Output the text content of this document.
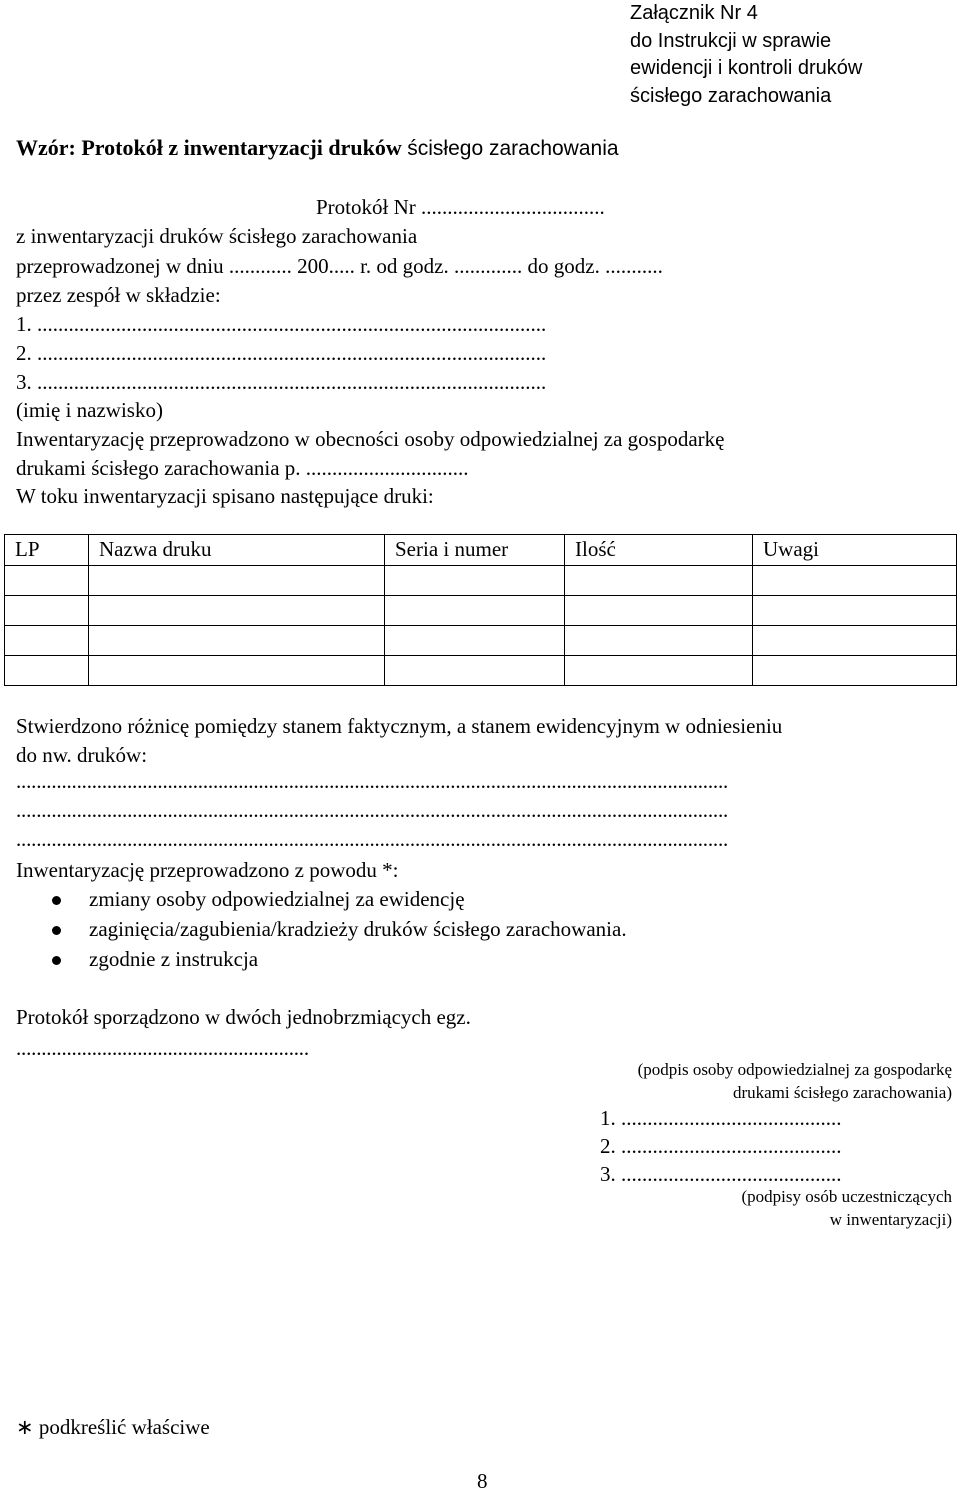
Załącznik Nr 4
do Instrukcji w sprawie
ewidencji i kontroli druków
ścisłego zarachowania
Wzór: Protokół z inwentaryzacji druków ścisłego zarachowania
Protokół Nr ...................................
z inwentaryzacji druków ścisłego zarachowania
przeprowadzonej w dniu ............ 200..... r. od godz. ............. do godz. ...........
przez zespół w składzie:
1. .................................................................................................
2. .................................................................................................
3. .................................................................................................
(imię i nazwisko)
Inwentaryzację przeprowadzono w obecności osoby odpowiedzialnej za gospodarkę
drukami ścisłego zarachowania p. ...............................
W toku inwentaryzacji spisano następujące druki:
LP	Nazwa druku	Seria i numer	Ilość	Uwagi

Stwierdzono różnicę pomiędzy stanem faktycznym, a stanem ewidencyjnym w odniesieniu
do nw. druków:
.............................................................................................................................................
.............................................................................................................................................
.............................................................................................................................................
Inwentaryzację przeprowadzono z powodu *:
zmiany osoby odpowiedzialnej za ewidencję
zaginięcia/zagubienia/kradzieży druków ścisłego zarachowania.
zgodnie z instrukcja
Protokół sporządzono w dwóch jednobrzmiących egz.
..........................................................
(podpis osoby odpowiedzialnej za gospodarkę
drukami ścisłego zarachowania)
1. ..........................................
2. ..........................................
3. ..........................................
(podpisy osób uczestniczących
w inwentaryzacji)
∗ podkreślić właściwe
8
